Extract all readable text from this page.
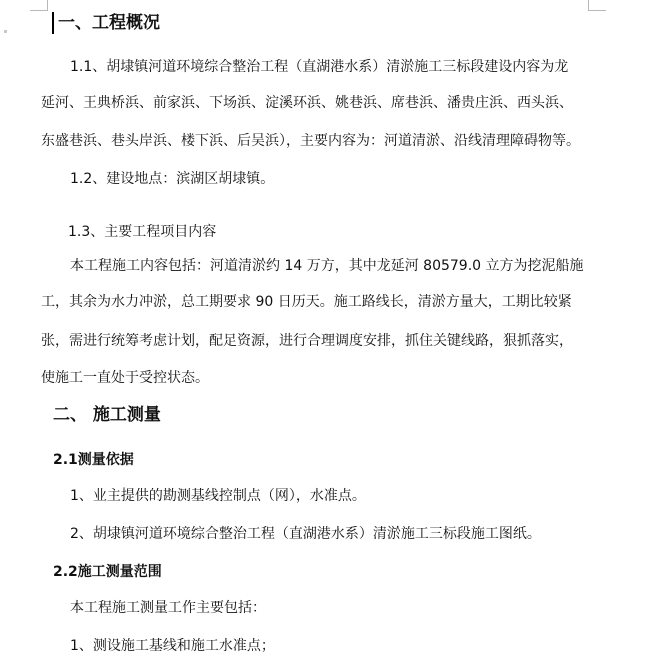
一、工程概况
1.1、胡埭镇河道环境综合整治工程（直湖港水系）清淤施工三标段建设内容为龙
延河、王典桥浜、前家浜、下场浜、淀溪环浜、姚巷浜、席巷浜、潘贵庄浜、西头浜、
东盛巷浜、巷头岸浜、楼下浜、后吴浜），主要内容为：河道清淤、沿线清理障碍物等。
1.2、建设地点：滨湖区胡埭镇。
1.3、主要工程项目内容
本工程施工内容包括：河道清淤约 14 万方，其中龙延河 80579.0 立方为挖泥船施
工，其余为水力冲淤，总工期要求 90 日历天。施工路线长，清淤方量大，工期比较紧
张，需进行统筹考虑计划，配足资源，进行合理调度安排，抓住关键线路，狠抓落实，
使施工一直处于受控状态。
二、 施工测量
2.1测量依据
1、业主提供的勘测基线控制点（网），水准点。
2、胡埭镇河道环境综合整治工程（直湖港水系）清淤施工三标段施工图纸。
2.2施工测量范围
本工程施工测量工作主要包括：
1、测设施工基线和施工水准点；
